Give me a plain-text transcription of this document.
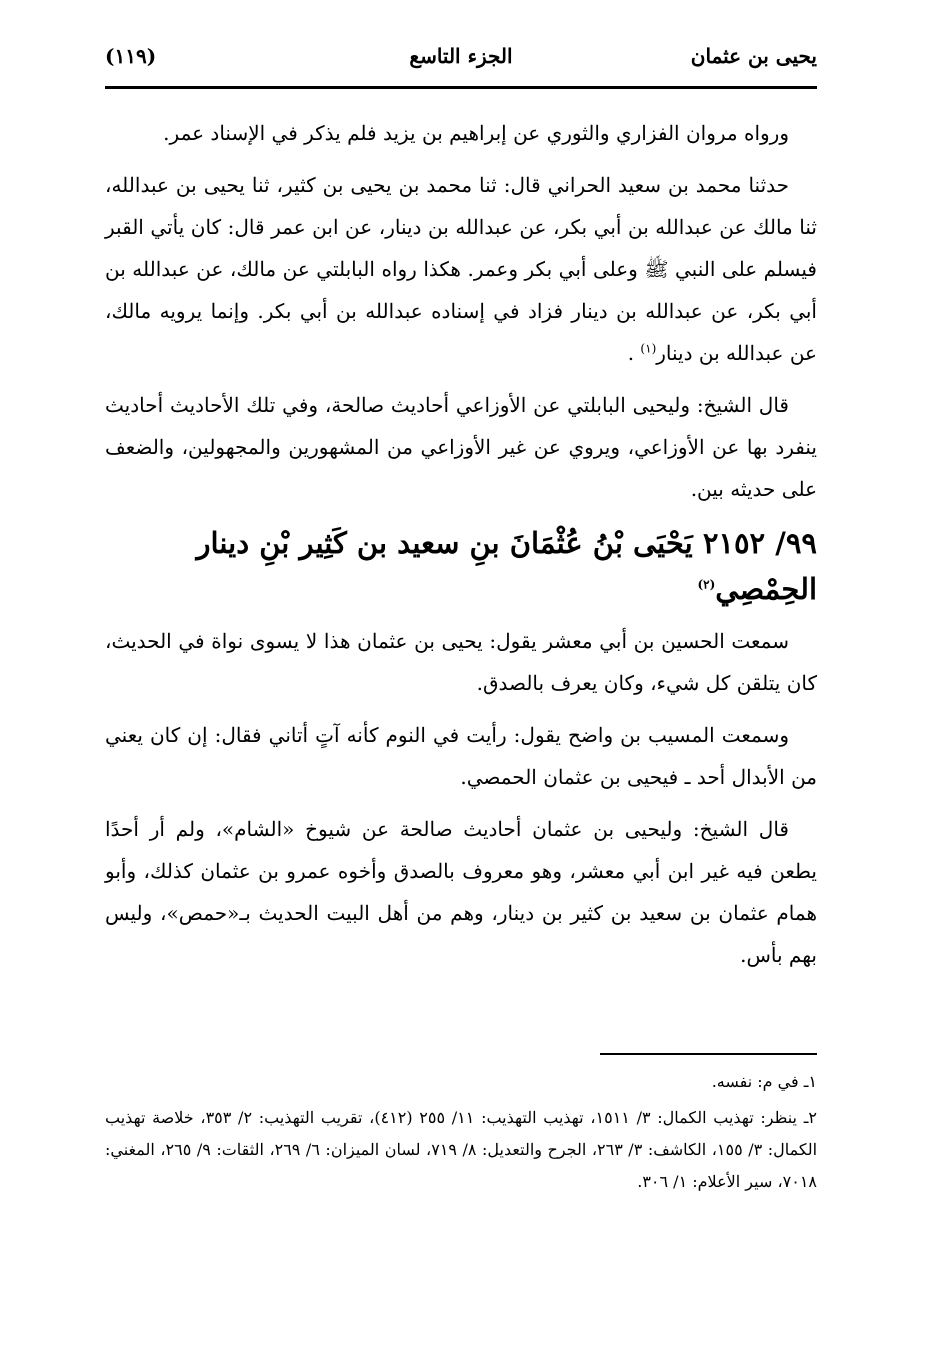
يحيى بن عثمان
الجزء التاسع
(١١٩)

ورواه مروان الفزاري والثوري عن إبراهيم بن يزيد فلم يذكر في الإسناد عمر.

حدثنا محمد بن سعيد الحراني قال: ثنا محمد بن يحيى بن كثير، ثنا يحيى بن عبدالله، ثنا مالك عن عبدالله بن أبي بكر، عن عبدالله بن دينار، عن ابن عمر قال: كان يأتي القبر فيسلم على النبي ﷺ وعلى أبي بكر وعمر. هكذا رواه البابلتي عن مالك، عن عبدالله بن أبي بكر، عن عبدالله بن دينار فزاد في إسناده عبدالله بن أبي بكر. وإنما يرويه مالك، عن عبدالله بن دينار$^{(١)}$ .

قال الشيخ: وليحيى البابلتي عن الأوزاعي أحاديث صالحة، وفي تلك الأحاديث أحاديث ينفرد بها عن الأوزاعي، ويروي عن غير الأوزاعي من المشهورين والمجهولين، والضعف على حديثه بين.

٩٩/ ٢١٥٢ يَحْيَى بْنُ عُثْمَانَ بنِ سعيد بن كَثِير بْنِ دينار الحِمْصِي$^{(٢)}$

سمعت الحسين بن أبي معشر يقول: يحيى بن عثمان هذا لا يسوى نواة في الحديث، كان يتلقن كل شيء، وكان يعرف بالصدق.

وسمعت المسيب بن واضح يقول: رأيت في النوم كأنه آتٍ أتاني فقال: إن كان يعني من الأبدال أحد ـ فيحيى بن عثمان الحمصي.

قال الشيخ: وليحيى بن عثمان أحاديث صالحة عن شيوخ «الشام»، ولم أر أحدًا يطعن فيه غير ابن أبي معشر، وهو معروف بالصدق وأخوه عمرو بن عثمان كذلك، وأبو همام عثمان بن سعيد بن كثير بن دينار، وهم من أهل البيت الحديث بـ«حمص»، وليس بهم بأس.

١ـ في م: نفسه.

٢ـ ينظر: تهذيب الكمال: ٣/ ١٥١١، تهذيب التهذيب: ١١/ ٢٥٥ (٤١٢)، تقريب التهذيب: ٢/ ٣٥٣، خلاصة تهذيب الكمال: ٣/ ١٥٥، الكاشف: ٣/ ٢٦٣، الجرح والتعديل: ٨/ ٧١٩، لسان الميزان: ٦/ ٢٦٩، الثقات: ٩/ ٢٦٥، المغني: ٧٠١٨، سير الأعلام: ١/ ٣٠٦.
